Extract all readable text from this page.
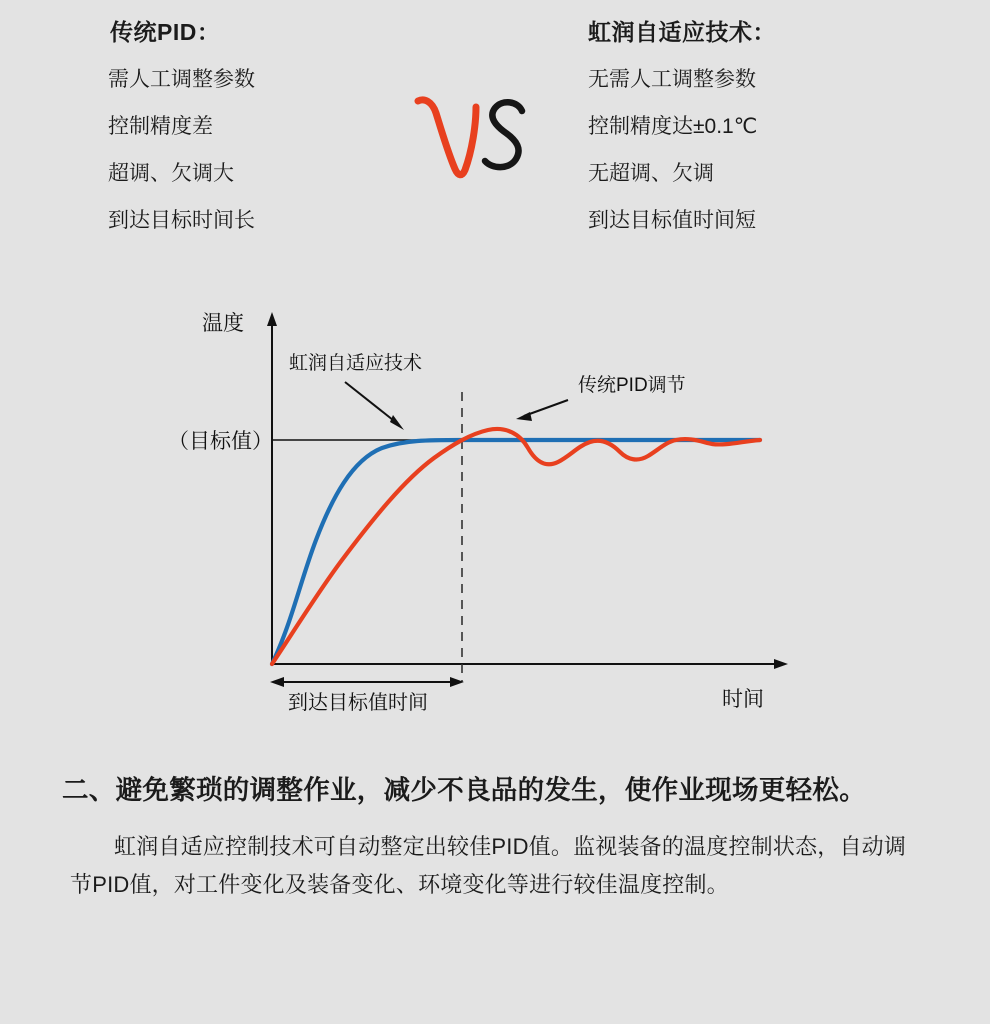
传统PID：
需人工调整参数
控制精度差
超调、欠调大
到达目标时间长
虹润自适应技术：
无需人工调整参数
控制精度达±0.1℃
无超调、欠调
到达目标值时间短
温度
时间
（目标值）
虹润自适应技术
传统PID调节
到达目标值时间
二、避免繁琐的调整作业，减少不良品的发生，使作业现场更轻松。

虹润自适应控制技术可自动整定出较佳PID值。监视装备的温度控制状态，自动调节PID值，对工件变化及装备变化、环境变化等进行较佳温度控制。
